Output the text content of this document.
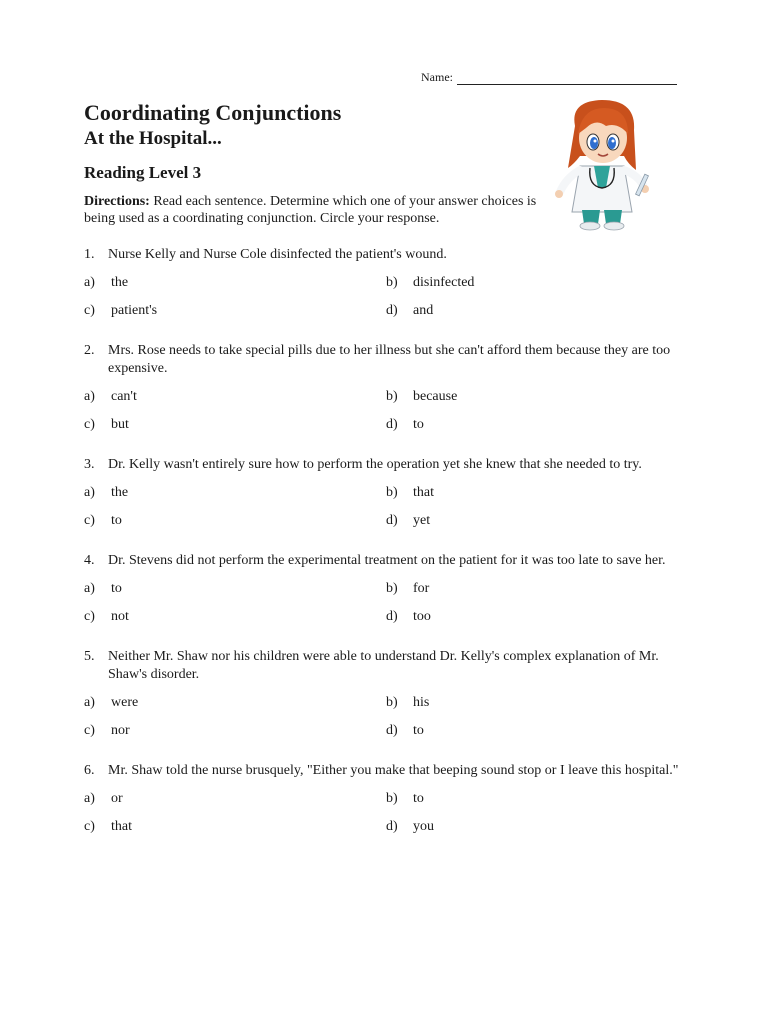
Name:
Coordinating Conjunctions
At the Hospital...
Reading Level 3

Directions: Read each sentence. Determine which one of your answer choices is being used as a coordinating conjunction. Circle your response.

1. Nurse Kelly and Nurse Cole disinfected the patient's wound.
a)	the	b)	disinfected
c)	patient's	d)	and
2. Mrs. Rose needs to take special pills due to her illness but she can't afford them because they are too expensive.
a)	can't	b)	because
c)	but	d)	to
3. Dr. Kelly wasn't entirely sure how to perform the operation yet she knew that she needed to try.
a)	the	b)	that
c)	to	d)	yet
4. Dr. Stevens did not perform the experimental treatment on the patient for it was too late to save her.
a)	to	b)	for
c)	not	d)	too
5. Neither Mr. Shaw nor his children were able to understand Dr. Kelly's complex explanation of Mr. Shaw's disorder.
a)	were	b)	his
c)	nor	d)	to
6. Mr. Shaw told the nurse brusquely, "Either you make that beeping sound stop or I leave this hospital."
a)	or	b)	to
c)	that	d)	you
